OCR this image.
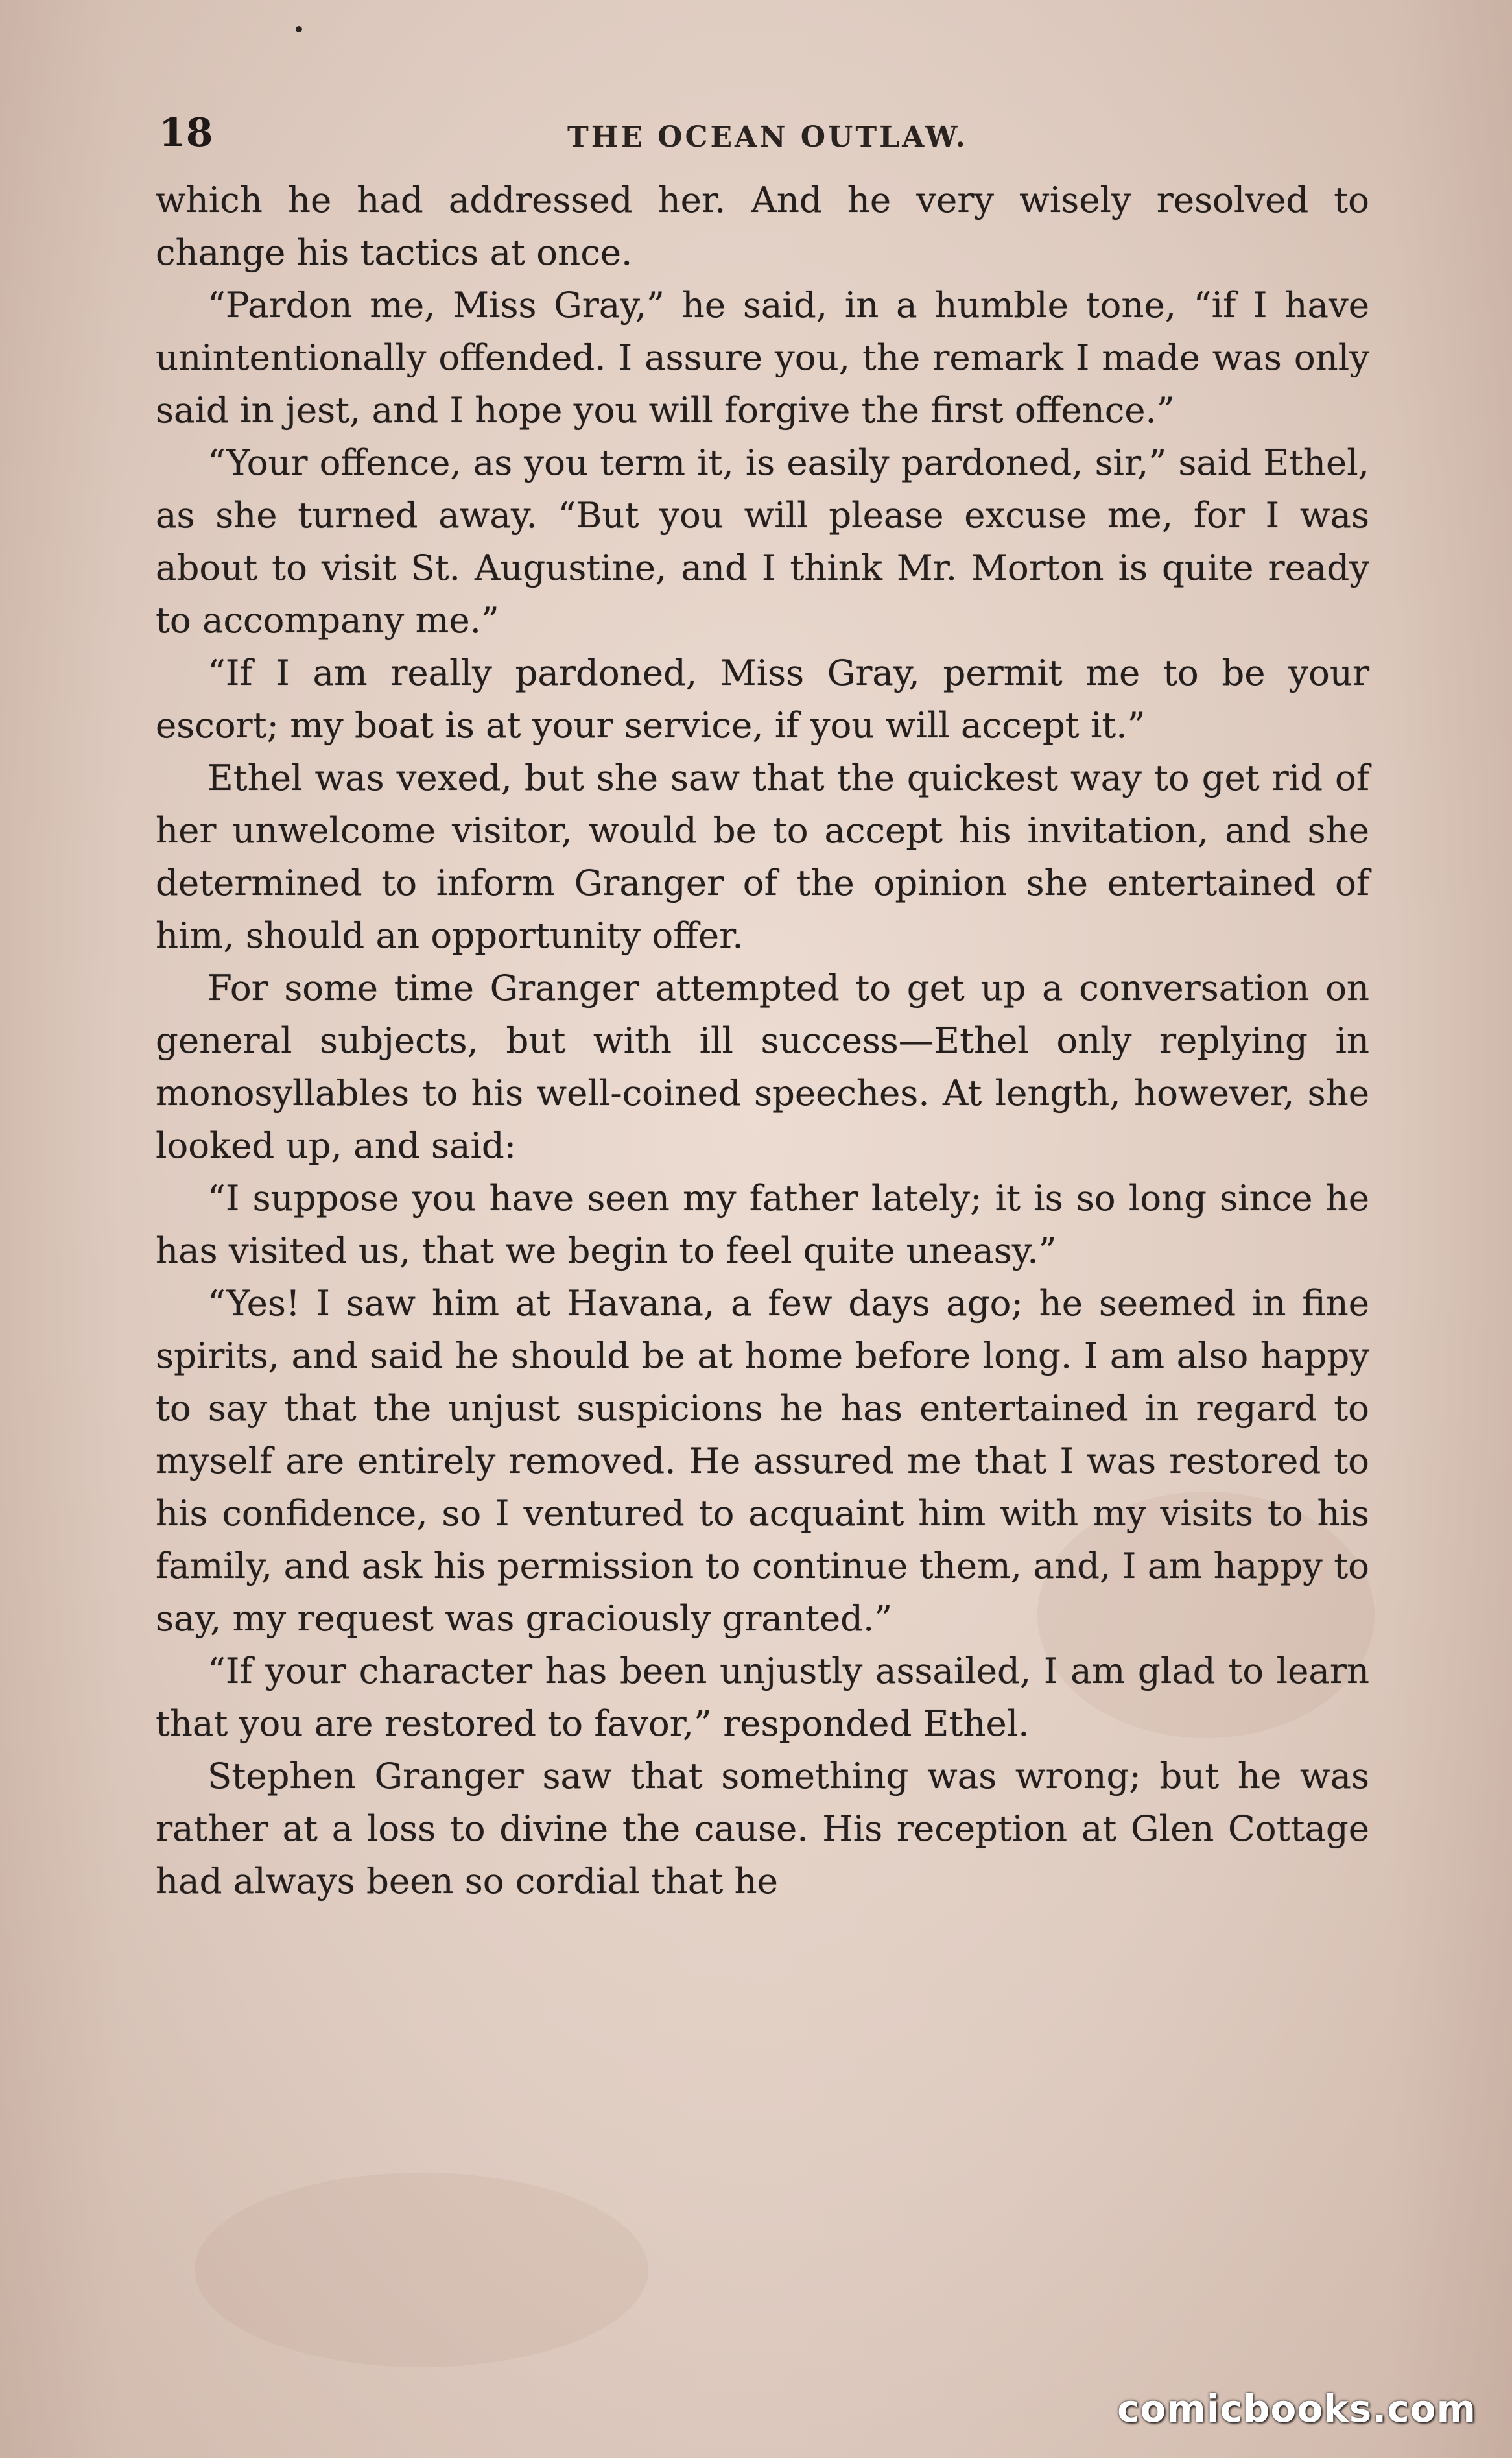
18	THE OCEAN OUTLAW.

which he had addressed her. And he very wisely resolved to change his tactics at once.

“Pardon me, Miss Gray,” he said, in a humble tone, “if I have unintentionally offended. I assure you, the remark I made was only said in jest, and I hope you will forgive the first offence.”

“Your offence, as you term it, is easily pardoned, sir,” said Ethel, as she turned away. “But you will please excuse me, for I was about to visit St. Augustine, and I think Mr. Morton is quite ready to accompany me.”

“If I am really pardoned, Miss Gray, permit me to be your escort; my boat is at your service, if you will accept it.”

Ethel was vexed, but she saw that the quickest way to get rid of her unwelcome visitor, would be to accept his invitation, and she determined to inform Granger of the opinion she entertained of him, should an opportunity offer.

For some time Granger attempted to get up a conversation on general subjects, but with ill success—Ethel only replying in monosyllables to his well-coined speeches. At length, however, she looked up, and said:

“I suppose you have seen my father lately; it is so long since he has visited us, that we begin to feel quite uneasy.”

“Yes! I saw him at Havana, a few days ago; he seemed in fine spirits, and said he should be at home before long. I am also happy to say that the unjust suspicions he has entertained in regard to myself are entirely removed. He assured me that I was restored to his confidence, so I ventured to acquaint him with my visits to his family, and ask his permission to continue them, and, I am happy to say, my request was graciously granted.”

“If your character has been unjustly assailed, I am glad to learn that you are restored to favor,” responded Ethel.

Stephen Granger saw that something was wrong; but he was rather at a loss to divine the cause. His reception at Glen Cottage had always been so cordial that he

comicbooks.com
